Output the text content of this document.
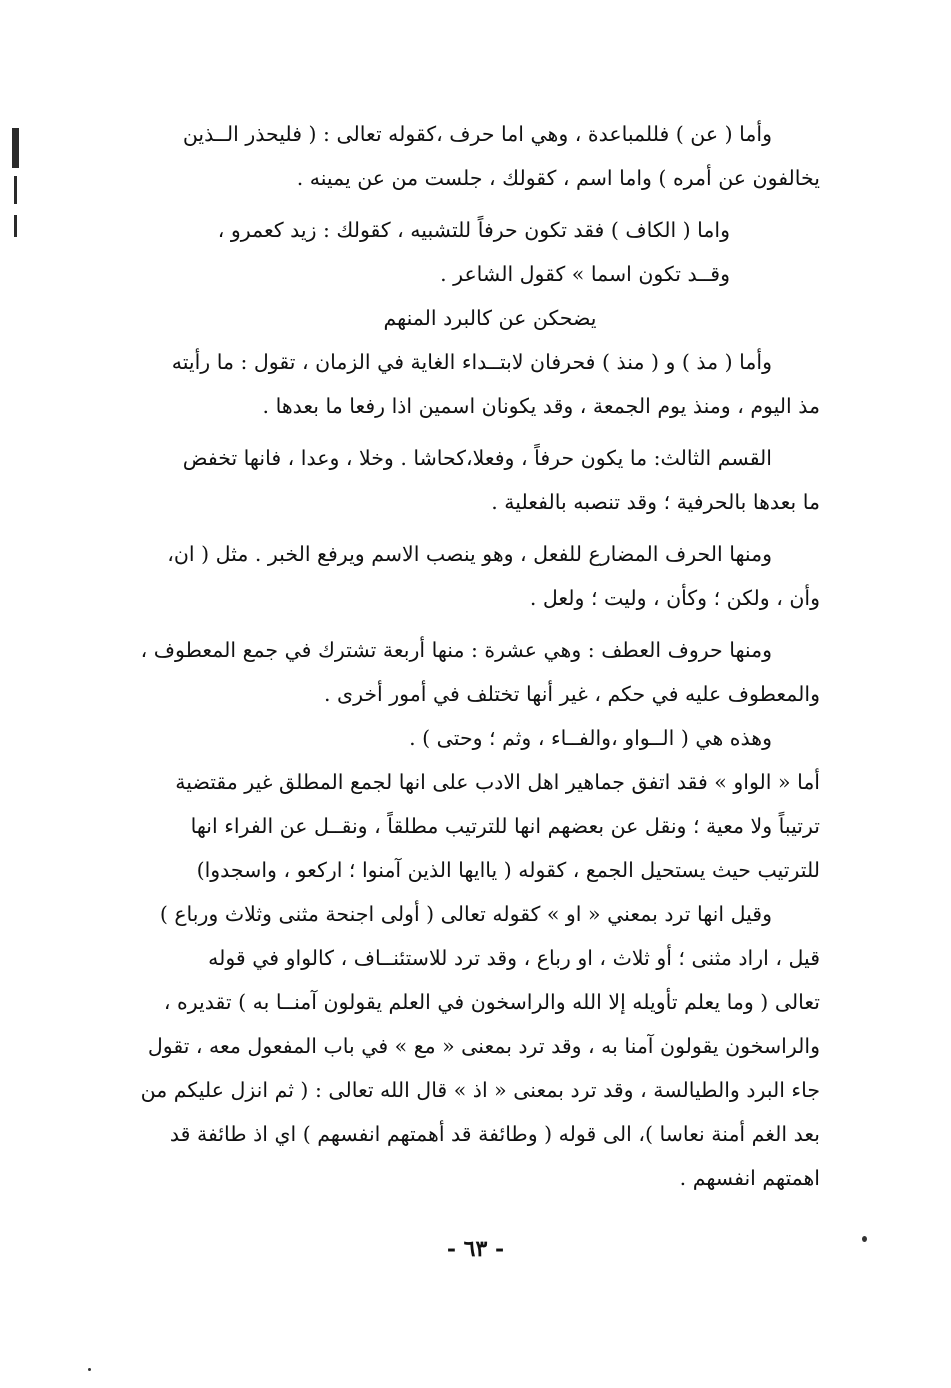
وأما ( عن ) فللمباعدة ، وهي اما حرف ،كقوله تعالى : ( فليحذر الــذين
يخالفون عن أمره ) واما اسم ، كقولك ، جلست من عن يمينه .
واما ( الكاف ) فقد تكون حرفاً للتشبيه ، كقولك : زيد كعمرو ،
وقــد تكون اسما » كقول الشاعر .
يضحكن عن كالبرد المنهم
وأما ( مذ ) و ( منذ ) فحرفان لابتــداء الغاية في الزمان ، تقول : ما رأيته
مذ اليوم ، ومنذ يوم الجمعة ، وقد يكونان اسمين اذا رفعا ما بعدها .
القسم الثالث: ما يكون حرفاً ، وفعلا،كحاشا . وخلا ، وعدا ، فانها تخفض
ما بعدها بالحرفية ؛ وقد تنصبه بالفعلية .
ومنها الحرف المضارع للفعل ، وهو ينصب الاسم ويرفع الخبر . مثل ( ان،
وأن ، ولكن ؛ وكأن ، وليت ؛ ولعل .
ومنها حروف العطف : وهي عشرة : منها أربعة تشترك في جمع المعطوف ،
والمعطوف عليه في حكم ، غير أنها تختلف في أمور أخرى .
وهذه هي ( الــواو ،والفــاء ، وثم ؛ وحتى ) .
أما « الواو » فقد اتفق جماهير اهل الادب على انها لجمع المطلق غير مقتضية
ترتيباً ولا معية ؛ ونقل عن بعضهم انها للترتيب مطلقاً ، ونقــل عن الفراء انها
للترتيب حيث يستحيل الجمع ، كقوله ( ياايها الذين آمنوا ؛ اركعو ، واسجدوا)
وقيل انها ترد بمعني « او » كقوله تعالى ( أولى اجنحة مثنى وثلاث ورباع )
قيل ، اراد مثنى ؛ أو ثلاث ، او رباع ، وقد ترد للاستئنــاف ، كالواو في قوله
تعالى ( وما يعلم تأويله إلا الله والراسخون في العلم يقولون آمنــا به ) تقديره ،
والراسخون يقولون آمنا به ، وقد ترد بمعنى « مع » في باب المفعول معه ، تقول
جاء البرد والطيالسة ، وقد ترد بمعنى « اذ » قال الله تعالى : ( ثم انزل عليكم من
بعد الغم أمنة نعاسا )، الى قوله ( وطائفة قد أهمتهم انفسهم ) اي اذ طائفة قد
اهمتهم انفسهم .
- ٦٣ -
